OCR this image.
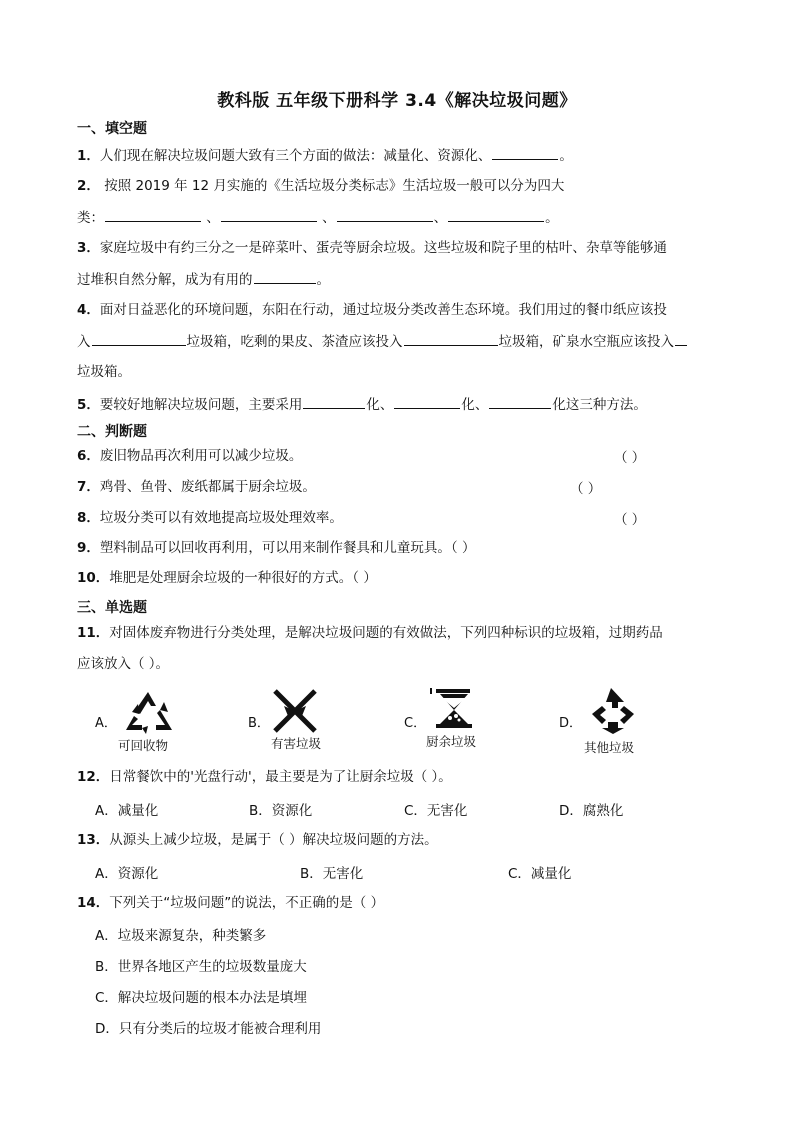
教科版 五年级下册科学 3.4《解决垃圾问题》
一、填空题
1．人们现在解决垃圾问题大致有三个方面的做法：减量化、资源化、	。
2． 按照 2019 年 12 月实施的《生活垃圾分类标志》生活垃圾一般可以分为四大
类：	、	、	、	。
3．家庭垃圾中有约三分之一是碎菜叶、蛋壳等厨余垃圾。这些垃圾和院子里的枯叶、杂草等能够通
过堆积自然分解，成为有用的	。
4．面对日益恶化的环境问题，东阳在行动，通过垃圾分类改善生态环境。我们用过的餐巾纸应该投
入	垃圾箱，吃剩的果皮、茶渣应该投入	垃圾箱，矿泉水空瓶应该投入
垃圾箱。
5．要较好地解决垃圾问题，主要采用	化、	化、	化这三种方法。
二、判断题
6．废旧物品再次利用可以减少垃圾。	（ ）
7．鸡骨、鱼骨、废纸都属于厨余垃圾。	（ ）
8．垃圾分类可以有效地提高垃圾处理效率。	（ ）
9．塑料制品可以回收再利用，可以用来制作餐具和儿童玩具。（ ）
10．堆肥是处理厨余垃圾的一种很好的方式。（ ）
三、单选题
11．对固体废弃物进行分类处理，是解决垃圾问题的有效做法，下列四种标识的垃圾箱，过期药品
应该放入（ ）。
A．
可回收物
B．
有害垃圾
C．
厨余垃圾
D．
其他垃圾
12．日常餐饮中的'光盘行动'，最主要是为了让厨余垃圾（ ）。
A．减量化	B．资源化	C．无害化	D．腐熟化
13．从源头上减少垃圾，是属于（ ）解决垃圾问题的方法。
A．资源化	B．无害化	C．减量化
14．下列关于“垃圾问题”的说法，不正确的是（ ）
A．垃圾来源复杂，种类繁多
B．世界各地区产生的垃圾数量庞大
C．解决垃圾问题的根本办法是填埋
D．只有分类后的垃圾才能被合理利用
